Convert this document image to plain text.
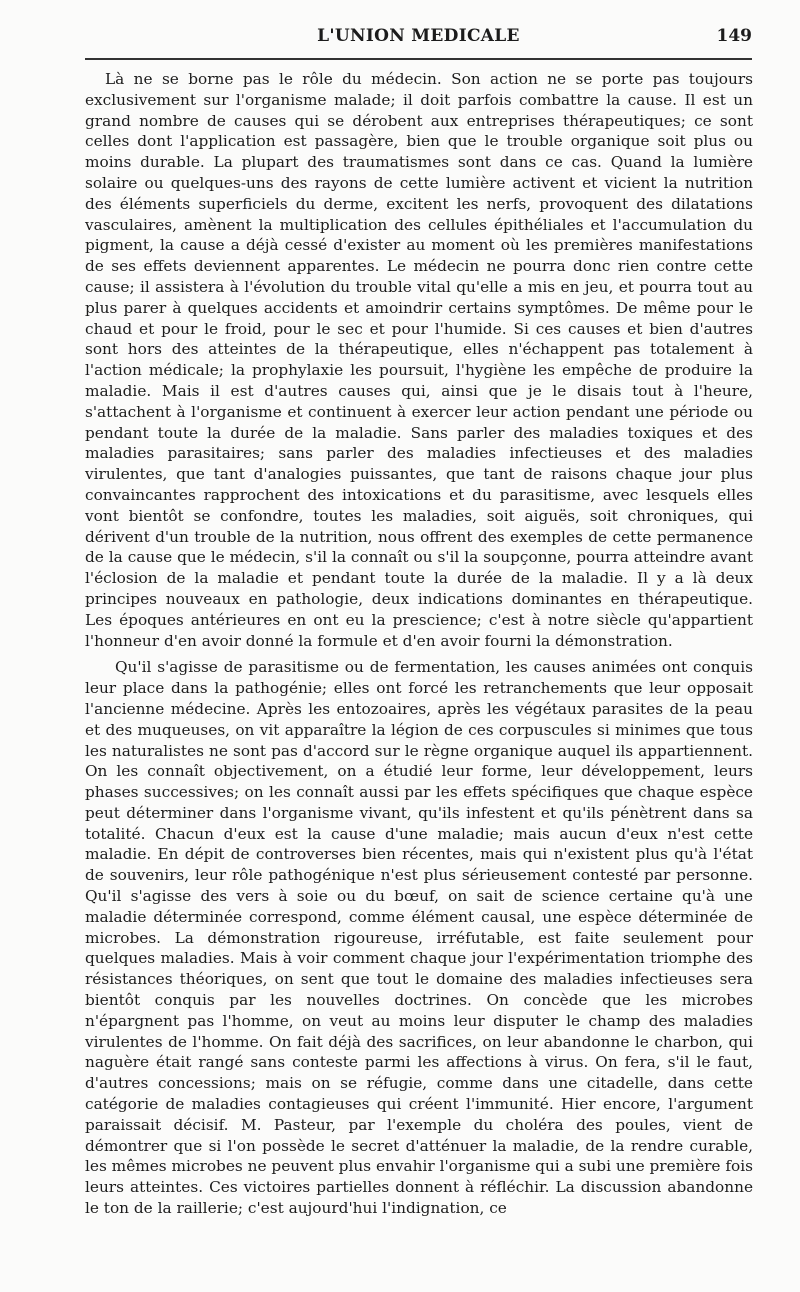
L'UNION MEDICALE	149

Là ne se borne pas le rôle du médecin. Son action ne se porte pas toujours exclusivement sur l'organisme malade; il doit parfois combattre la cause. Il est un grand nombre de causes qui se dérobent aux entreprises thérapeutiques; ce sont celles dont l'application est passagère, bien que le trouble organique soit plus ou moins durable. La plupart des traumatismes sont dans ce cas. Quand la lumière solaire ou quelques-uns des rayons de cette lumière activent et vicient la nutrition des éléments superficiels du derme, excitent les nerfs, provoquent des dilatations vasculaires, amènent la multiplication des cellules épithéliales et l'accumulation du pigment, la cause a déjà cessé d'exister au moment où les premières manifestations de ses effets deviennent apparentes. Le médecin ne pourra donc rien contre cette cause; il assistera à l'évolution du trouble vital qu'elle a mis en jeu, et pourra tout au plus parer à quelques accidents et amoindrir certains symptômes. De même pour le chaud et pour le froid, pour le sec et pour l'humide. Si ces causes et bien d'autres sont hors des atteintes de la thérapeutique, elles n'échappent pas totalement à l'action médicale; la prophylaxie les poursuit, l'hygiène les empêche de produire la maladie. Mais il est d'autres causes qui, ainsi que je le disais tout à l'heure, s'attachent à l'organisme et continuent à exercer leur action pendant une période ou pendant toute la durée de la maladie. Sans parler des maladies toxiques et des maladies parasitaires; sans parler des maladies infectieuses et des maladies virulentes, que tant d'analogies puissantes, que tant de raisons chaque jour plus convaincantes rapprochent des intoxications et du parasitisme, avec lesquels elles vont bientôt se confondre, toutes les maladies, soit aiguës, soit chroniques, qui dérivent d'un trouble de la nutrition, nous offrent des exemples de cette permanence de la cause que le médecin, s'il la connaît ou s'il la soupçonne, pourra atteindre avant l'éclosion de la maladie et pendant toute la durée de la maladie. Il y a là deux principes nouveaux en pathologie, deux indications dominantes en thérapeutique. Les époques antérieures en ont eu la prescience; c'est à notre siècle qu'appartient l'honneur d'en avoir donné la formule et d'en avoir fourni la démonstration.

Qu'il s'agisse de parasitisme ou de fermentation, les causes animées ont conquis leur place dans la pathogénie; elles ont forcé les retranchements que leur opposait l'ancienne médecine. Après les entozoaires, après les végétaux parasites de la peau et des muqueuses, on vit apparaître la légion de ces corpuscules si minimes que tous les naturalistes ne sont pas d'accord sur le règne organique auquel ils appartiennent. On les connaît objectivement, on a étudié leur forme, leur développement, leurs phases successives; on les connaît aussi par les effets spécifiques que chaque espèce peut déterminer dans l'organisme vivant, qu'ils infestent et qu'ils pénètrent dans sa totalité. Chacun d'eux est la cause d'une maladie; mais aucun d'eux n'est cette maladie. En dépit de controverses bien récentes, mais qui n'existent plus qu'à l'état de souvenirs, leur rôle pathogénique n'est plus sérieusement contesté par personne. Qu'il s'agisse des vers à soie ou du bœuf, on sait de science certaine qu'à une maladie déterminée correspond, comme élément causal, une espèce déterminée de microbes. La démonstration rigoureuse, irréfutable, est faite seulement pour quelques maladies. Mais à voir comment chaque jour l'expérimentation triomphe des résistances théoriques, on sent que tout le domaine des maladies infectieuses sera bientôt conquis par les nouvelles doctrines. On concède que les microbes n'épargnent pas l'homme, on veut au moins leur disputer le champ des maladies virulentes de l'homme. On fait déjà des sacrifices, on leur abandonne le charbon, qui naguère était rangé sans conteste parmi les affections à virus. On fera, s'il le faut, d'autres concessions; mais on se réfugie, comme dans une citadelle, dans cette catégorie de maladies contagieuses qui créent l'immunité. Hier encore, l'argument paraissait décisif. M. Pasteur, par l'exemple du choléra des poules, vient de démontrer que si l'on possède le secret d'atténuer la maladie, de la rendre curable, les mêmes microbes ne peuvent plus envahir l'organisme qui a subi une première fois leurs atteintes. Ces victoires partielles donnent à réfléchir. La discussion abandonne le ton de la raillerie; c'est aujourd'hui l'indignation, ce
